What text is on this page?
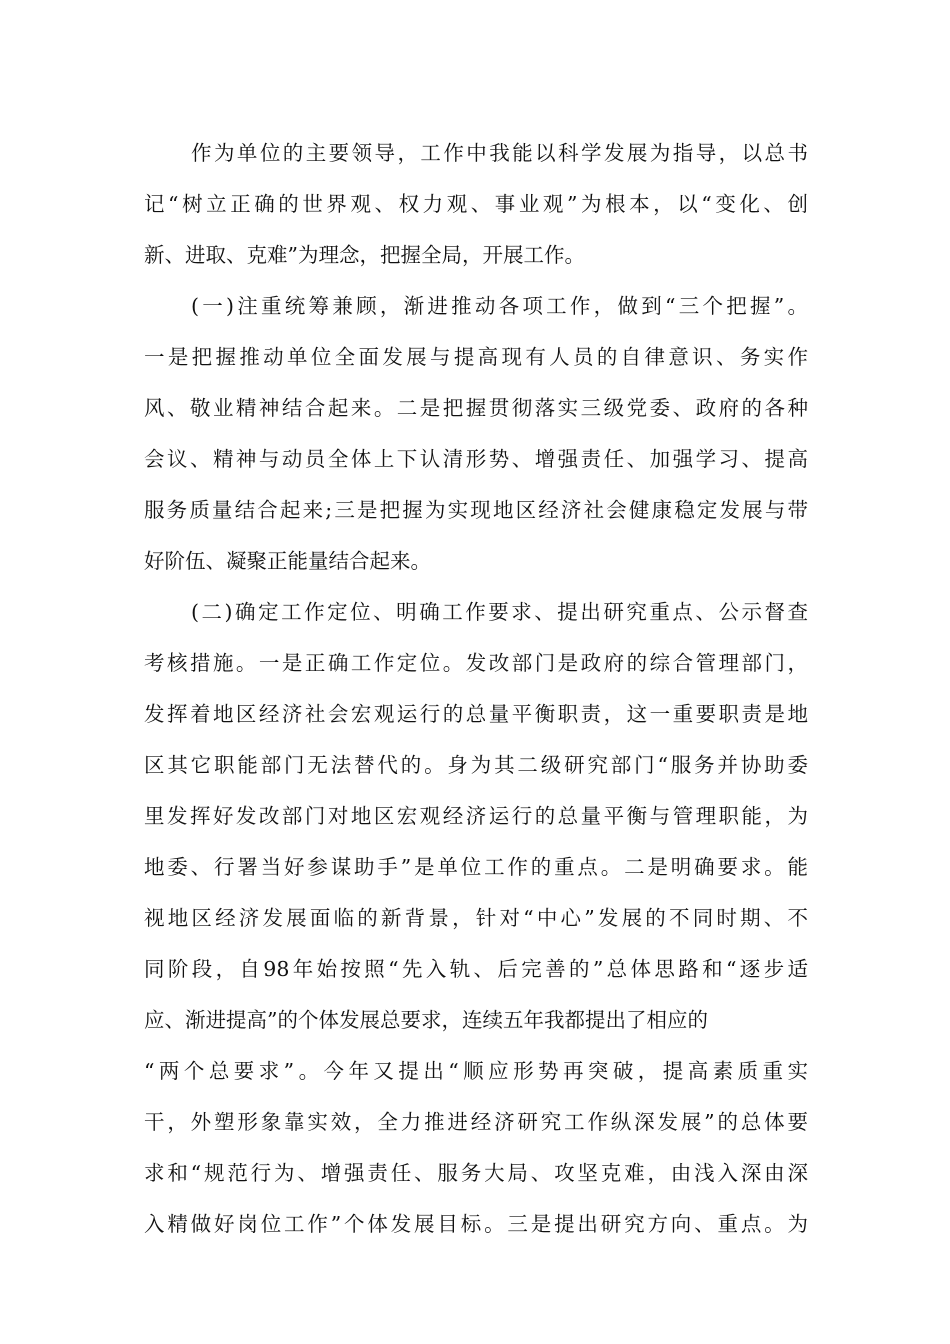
作为单位的主要领导，工作中我能以科学发展为指导，以总书
记“树立正确的世界观、权力观、事业观”为根本，以“变化、创
新、进取、克难”为理念，把握全局，开展工作。
(一)注重统筹兼顾，渐进推动各项工作，做到“三个把握”。
一是把握推动单位全面发展与提高现有人员的自律意识、务实作
风、敬业精神结合起来。二是把握贯彻落实三级党委、政府的各种
会议、精神与动员全体上下认清形势、增强责任、加强学习、提高
服务质量结合起来;三是把握为实现地区经济社会健康稳定发展与带
好阶伍、凝聚正能量结合起来。
(二)确定工作定位、明确工作要求、提出研究重点、公示督查
考核措施。一是正确工作定位。发改部门是政府的综合管理部门，
发挥着地区经济社会宏观运行的总量平衡职责，这一重要职责是地
区其它职能部门无法替代的。身为其二级研究部门“服务并协助委
里发挥好发改部门对地区宏观经济运行的总量平衡与管理职能，为
地委、行署当好参谋助手”是单位工作的重点。二是明确要求。能
视地区经济发展面临的新背景，针对“中心”发展的不同时期、不
同阶段，自98年始按照“先入轨、后完善的”总体思路和“逐步适
应、渐进提高”的个体发展总要求，连续五年我都提出了相应的
“两个总要求”。今年又提出“顺应形势再突破，提高素质重实
干，外塑形象靠实效，全力推进经济研究工作纵深发展”的总体要
求和“规范行为、增强责任、服务大局、攻坚克难，由浅入深由深
入精做好岗位工作”个体发展目标。三是提出研究方向、重点。为
